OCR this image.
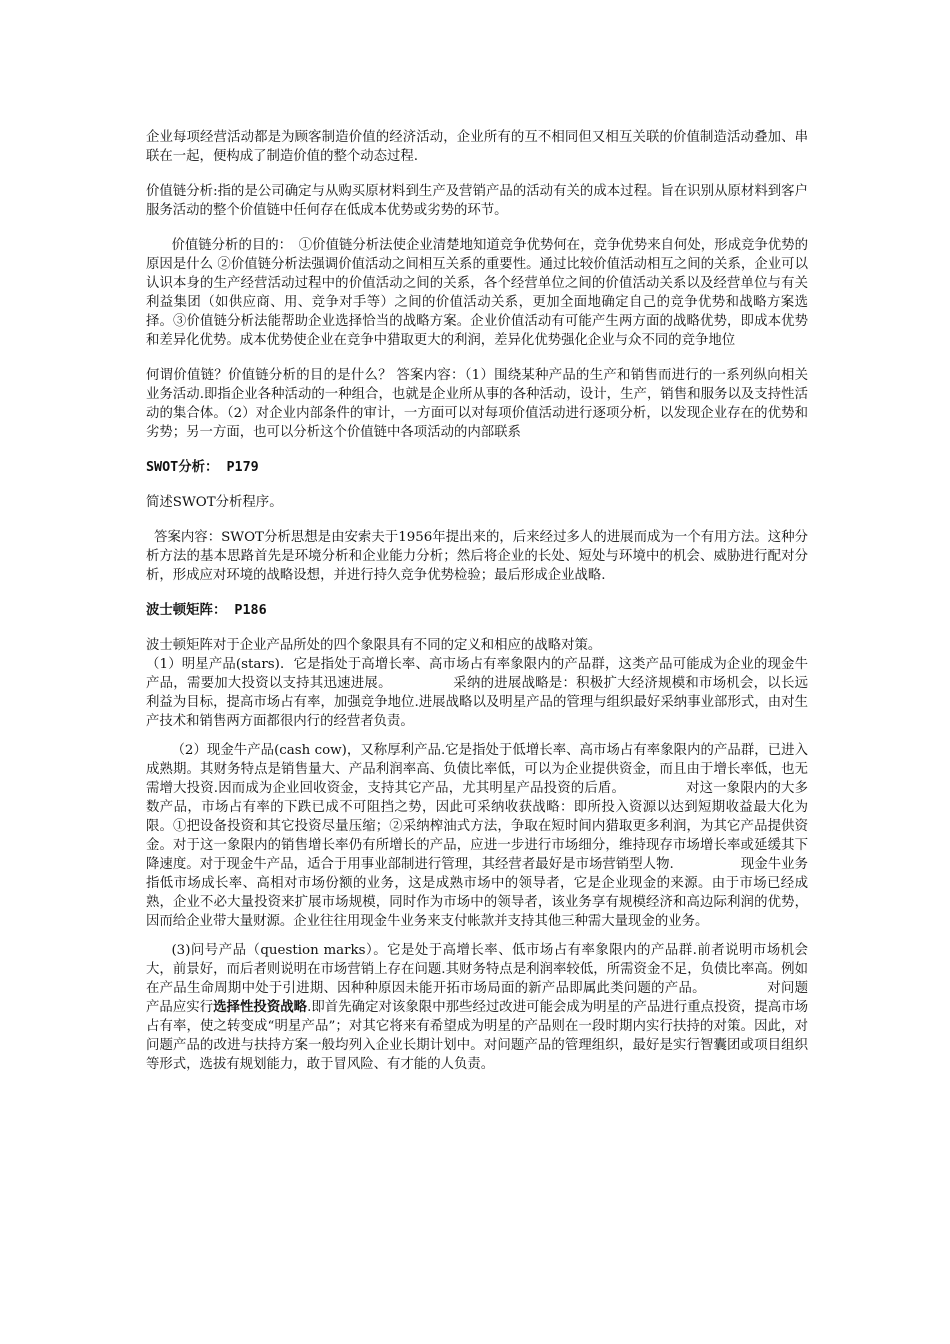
企业每项经营活动都是为顾客制造价值的经济活动，企业所有的互不相同但又相互关联的价值制造活动叠加、串联在一起，便构成了制造价值的整个动态过程.

价值链分析:指的是公司确定与从购买原材料到生产及营销产品的活动有关的成本过程。旨在识别从原材料到客户服务活动的整个价值链中任何存在低成本优势或劣势的环节。

价值链分析的目的：　①价值链分析法使企业清楚地知道竞争优势何在，竞争优势来自何处，形成竞争优势的原因是什么 ②价值链分析法强调价值活动之间相互关系的重要性。通过比较价值活动相互之间的关系，企业可以认识本身的生产经营活动过程中的价值活动之间的关系，各个经营单位之间的价值活动关系以及经营单位与有关利益集团（如供应商、用、竞争对手等）之间的价值活动关系，更加全面地确定自己的竞争优势和战略方案选择。③价值链分析法能帮助企业选择恰当的战略方案。企业价值活动有可能产生两方面的战略优势，即成本优势和差异化优势。成本优势使企业在竞争中猎取更大的利润，差异化优势强化企业与众不同的竞争地位

何谓价值链？价值链分析的目的是什么？ 答案内容：（1）围绕某种产品的生产和销售而进行的一系列纵向相关业务活动.即指企业各种活动的一种组合，也就是企业所从事的各种活动，设计，生产，销售和服务以及支持性活动的集合体。（2）对企业内部条件的审计，一方面可以对每项价值活动进行逐项分析，以发现企业存在的优势和劣势；另一方面，也可以分析这个价值链中各项活动的内部联系

SWOT分析： P179

简述SWOT分析程序。

答案内容：SWOT分析思想是由安索夫于1956年提出来的，后来经过多人的进展而成为一个有用方法。这种分析方法的基本思路首先是环境分析和企业能力分析；然后将企业的长处、短处与环境中的机会、威胁进行配对分析，形成应对环境的战略设想，并进行持久竞争优势检验；最后形成企业战略.

波士顿矩阵： P186

波士顿矩阵对于企业产品所处的四个象限具有不同的定义和相应的战略对策。

（1）明星产品(stars)．它是指处于高增长率、高市场占有率象限内的产品群，这类产品可能成为企业的现金牛产品，需要加大投资以支持其迅速进展。　　　　　采纳的进展战略是：积极扩大经济规模和市场机会，以长远利益为目标，提高市场占有率，加强竞争地位.进展战略以及明星产品的管理与组织最好采纳事业部形式，由对生产技术和销售两方面都很内行的经营者负责。

（2）现金牛产品(cash cow)，又称厚利产品.它是指处于低增长率、高市场占有率象限内的产品群，已进入成熟期。其财务特点是销售量大、产品利润率高、负债比率低，可以为企业提供资金，而且由于增长率低，也无需增大投资.因而成为企业回收资金，支持其它产品，尤其明星产品投资的后盾。　　　　　对这一象限内的大多数产品，市场占有率的下跌已成不可阻挡之势，因此可采纳收获战略：即所投入资源以达到短期收益最大化为限。①把设备投资和其它投资尽量压缩；②采纳榨油式方法，争取在短时间内猎取更多利润，为其它产品提供资金。对于这一象限内的销售增长率仍有所增长的产品，应进一步进行市场细分，维持现存市场增长率或延缓其下降速度。对于现金牛产品，适合于用事业部制进行管理，其经营者最好是市场营销型人物.　　　　　现金牛业务指低市场成长率、高相对市场份额的业务，这是成熟市场中的领导者，它是企业现金的来源。由于市场已经成熟，企业不必大量投资来扩展市场规模，同时作为市场中的领导者，该业务享有规模经济和高边际利润的优势，因而给企业带大量财源。企业往往用现金牛业务来支付帐款并支持其他三种需大量现金的业务。

(3)问号产品（question marks）。它是处于高增长率、低市场占有率象限内的产品群.前者说明市场机会大，前景好，而后者则说明在市场营销上存在问题.其财务特点是利润率较低，所需资金不足，负债比率高。例如在产品生命周期中处于引进期、因种种原因未能开拓市场局面的新产品即属此类问题的产品。　　　　　对问题产品应实行选择性投资战略.即首先确定对该象限中那些经过改进可能会成为明星的产品进行重点投资，提高市场占有率，使之转变成“明星产品”；对其它将来有希望成为明星的产品则在一段时期内实行扶持的对策。因此，对问题产品的改进与扶持方案一般均列入企业长期计划中。对问题产品的管理组织，最好是实行智囊团或项目组织等形式，选拔有规划能力，敢于冒风险、有才能的人负责。
